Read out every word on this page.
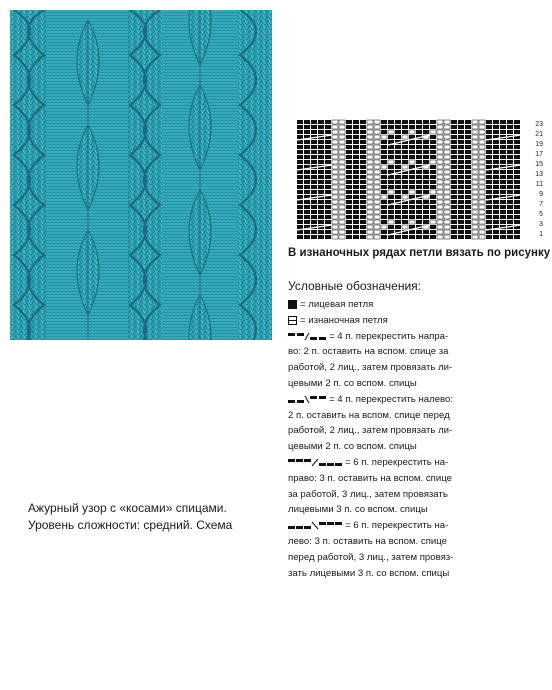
23
21
19
17
15
13
11
9
7
5
3
1
В изнаночных рядах петли вязать по рисунку
Условные обозначения:

= лицевая петля

= изнаночная петля

= 4 п. перекрестить напра-

во: 2 п. оставить на вспом. спице за

работой, 2 лиц., затем провязать ли-

цевыми 2 п. со вспом. спицы

= 4 п. перекрестить налево:

2 п. оставить на вспом. спице перед

работой, 2 лиц., затем провязать ли-

цевыми 2 п. со вспом. спицы

= 6 п. перекрестить на-

право: 3 п. оставить на вспом. спице

за работой, 3 лиц., затем провязать

лицевыми 3 п. со вспом. спицы

= 6 п. перекрестить на-

лево: 3 п. оставить на вспом. спице

перед работой, 3 лиц., затем провяз-

зать лицевыми 3 п. со вспом. спицы

Ажурный узор с «косами» спицами.
Уровень сложности: средний. Схема
